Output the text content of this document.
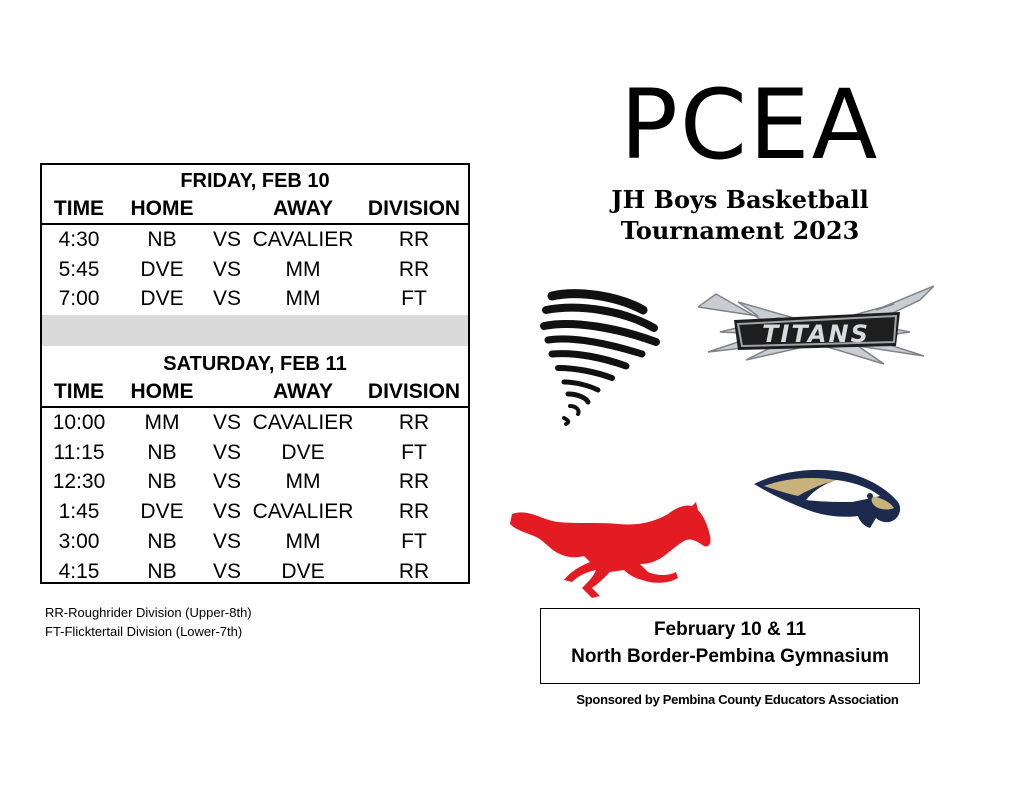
FRIDAY, FEB 10
TIME	HOME	AWAY	DIVISION
4:30	NB	VS CAVALIER	RR
5:45	DVE	VS	MM	RR
7:00	DVE	VS	MM	FT
SATURDAY, FEB 11
TIME	HOME	AWAY	DIVISION
10:00	MM	VS CAVALIER	RR
11:15	NB	VS	DVE	FT
12:30	NB	VS	MM	RR
1:45	DVE	VS CAVALIER	RR
3:00	NB	VS	MM	FT
4:15	NB	VS	DVE	RR
RR-Roughrider Division (Upper-8th)
FT-Flicktertail Division (Lower-7th)
PCEA
JH Boys Basketball
Tournament 2023
TITANS
February 10 & 11
North Border-Pembina Gymnasium
Sponsored by Pembina County Educators Association
